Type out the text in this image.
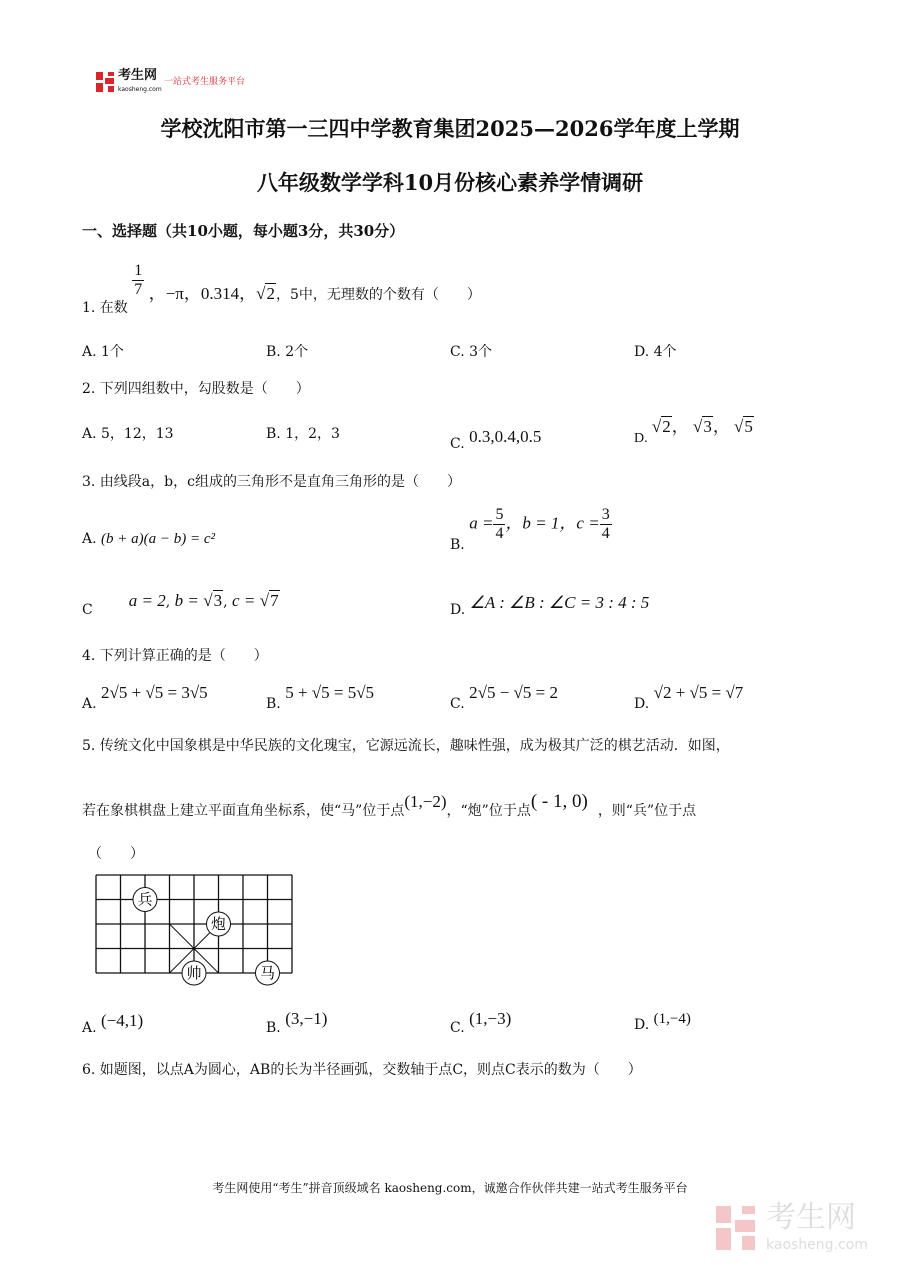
考生网
kaosheng.com
一站式考生服务平台
学校沈阳市第一三四中学教育集团2025—2026学年度上学期
八年级数学学科10月份核心素养学情调研
一、选择题（共10小题，每小题3分，共30分）
1. 在数
$\frac{1}{7}$ ，−π，0.314，√2，5中，无理数的个数有（　　）
A. 1个	B. 2个	C. 3个	D. 4个
2. 下列四组数中，勾股数是（　　）
A. 5，12，13	B. 1，2，3
C. 0.3,0.4,0.5	$_{D.}$ √2， √3， √5
3. 由线段a，b，c组成的三角形不是直角三角形的是（　　）
A. (b + a)(a − b) = c²	B. $a = \frac{5}{4}$ ，b = 1，$c = \frac{3}{4}$
C a = 2, b = √3, c = √7	D. ∠A : ∠B : ∠C = 3 : 4 : 5
4. 下列计算正确的是（　　）
A. 2√5 + √5 = 3√5
B. 5 + √5 = 5√5
C. 2√5 − √5 = 2
D. √2 + √5 = √7
5. 传统文化中国象棋是中华民族的文化瑰宝，它源远流长，趣味性强，成为极其广泛的棋艺活动．如图，
若在象棋棋盘上建立平面直角坐标系，使“马”位于点(1,−2)，“炮”位于点( - 1, 0) ，则“兵”位于点
（　　）
兵
炮
帅	马
A. (−4,1)	B. (3,−1)	C. (1,−3)	D. (1,−4)
6. 如题图，以点A为圆心，AB的长为半径画弧，交数轴于点C，则点C表示的数为（　　）
考生网使用“考生”拼音顶级域名 kaosheng.com，诚邀合作伙伴共建一站式考生服务平台
考生网
kaosheng.com
